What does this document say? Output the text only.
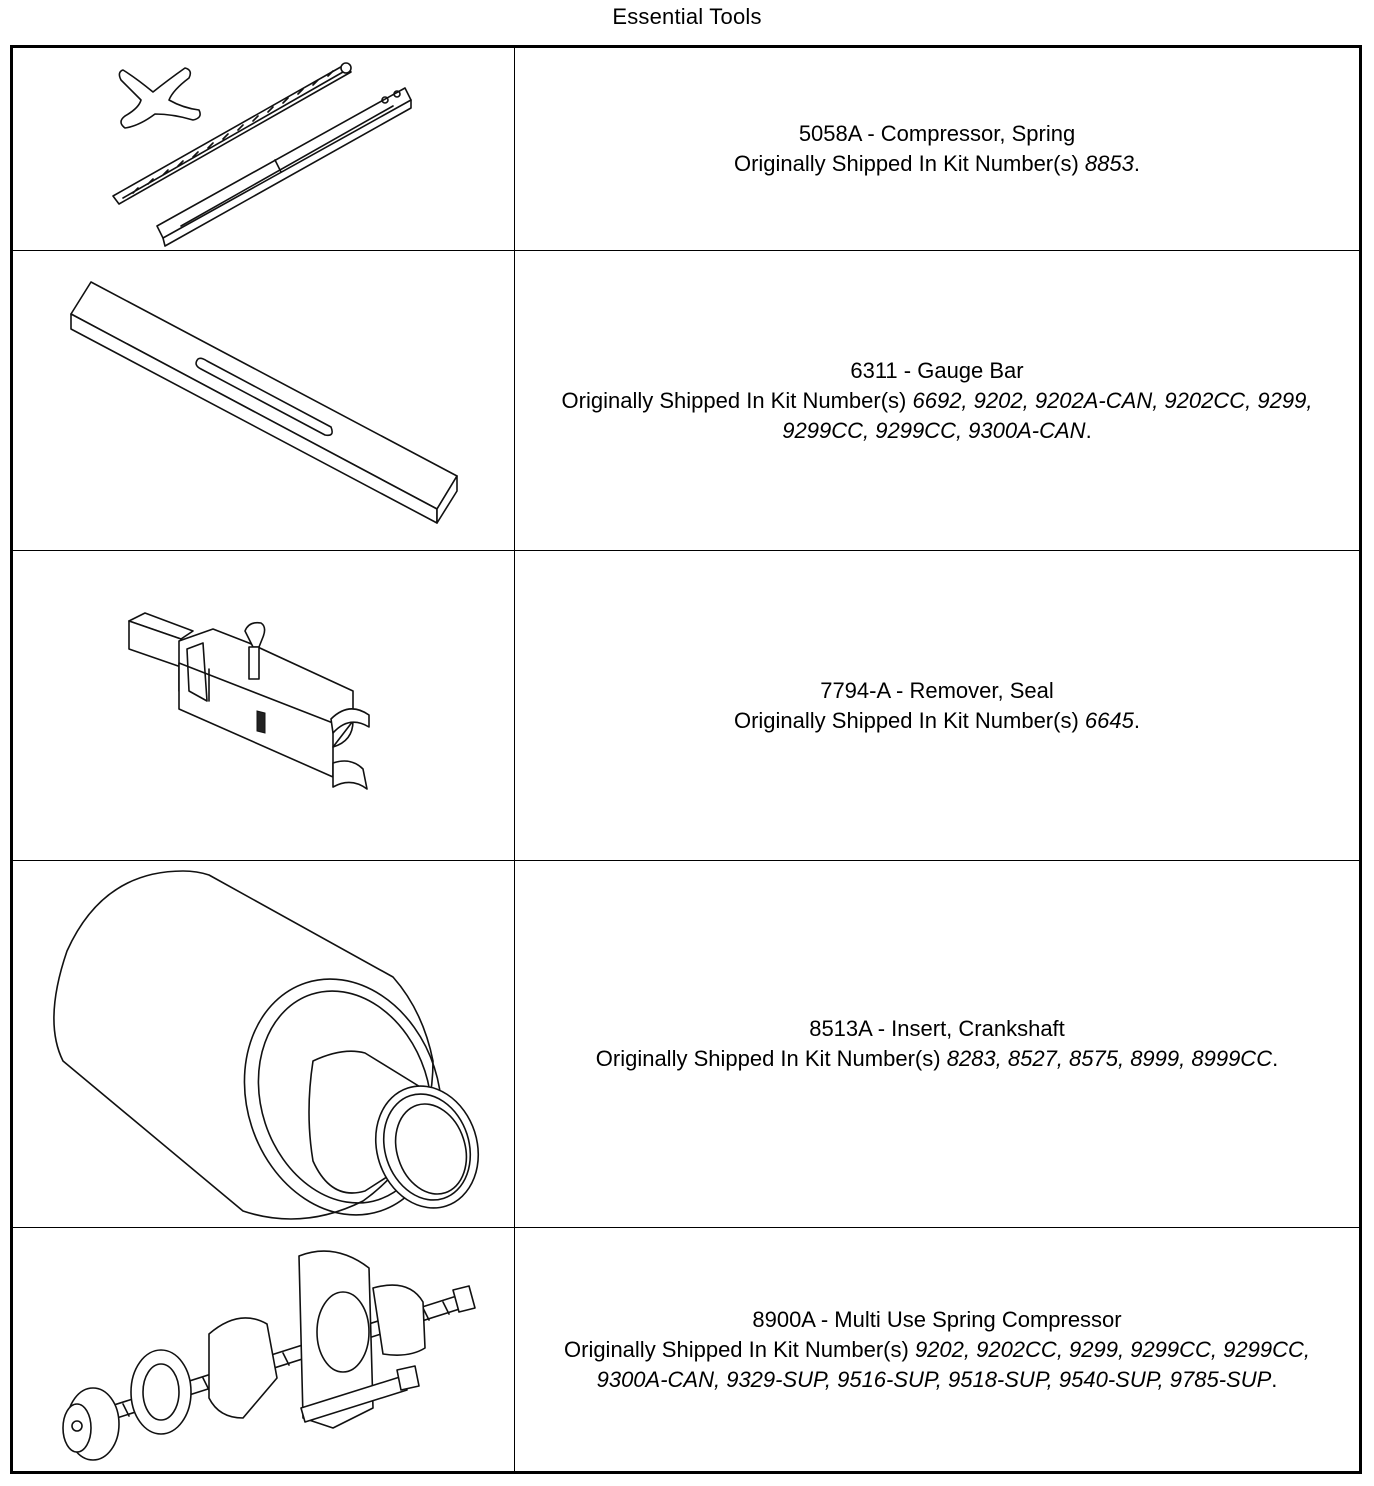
Essential Tools
5058A - Compressor, Spring
Originally Shipped In Kit Number(s) 8853.
6311 - Gauge Bar
Originally Shipped In Kit Number(s) 6692, 9202, 9202A-CAN, 9202CC, 9299, 9299CC, 9299CC, 9300A-CAN.
7794-A - Remover, Seal
Originally Shipped In Kit Number(s) 6645.
8513A - Insert, Crankshaft
Originally Shipped In Kit Number(s) 8283, 8527, 8575, 8999, 8999CC.
8900A - Multi Use Spring Compressor
Originally Shipped In Kit Number(s) 9202, 9202CC, 9299, 9299CC, 9299CC, 9300A-CAN, 9329-SUP, 9516-SUP, 9518-SUP, 9540-SUP, 9785-SUP.
